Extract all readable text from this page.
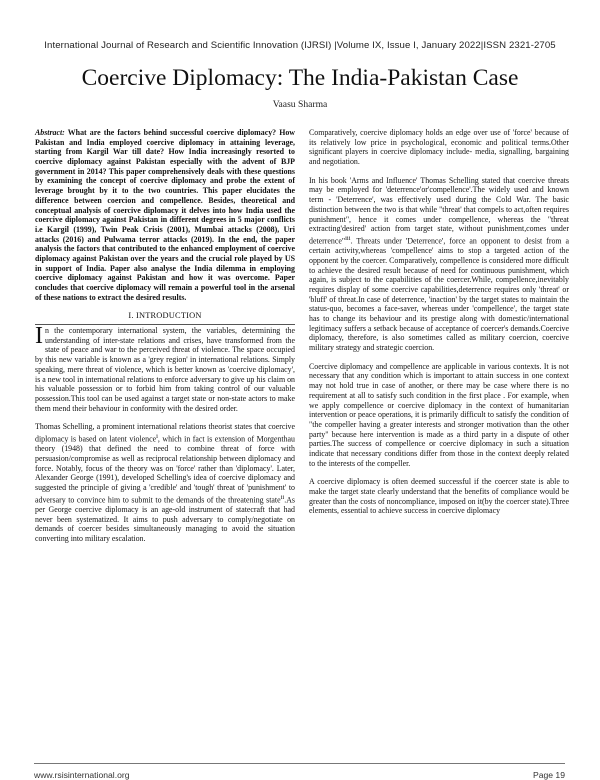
International Journal of Research and Scientific Innovation (IJRSI) |Volume IX, Issue I, January 2022|ISSN 2321-2705
Coercive Diplomacy: The India-Pakistan Case
Vaasu Sharma

Abstract: What are the factors behind successful coercive diplomacy? How Pakistan and India employed coercive diplomacy in attaining leverage, starting from Kargil War till date? How India increasingly resorted to coercive diplomacy against Pakistan especially with the advent of BJP government in 2014? This paper comprehensively deals with these questions by examining the concept of coercive diplomacy and probe the extent of leverage brought by it to the two countries. This paper elucidates the difference between coercion and compellence. Besides, theoretical and conceptual analysis of coercive diplomacy it delves into how India used the coercive diplomacy against Pakistan in different degrees in 5 major conflicts i.e Kargil (1999), Twin Peak Crisis (2001), Mumbai attacks (2008), Uri attacks (2016) and Pulwama terror attacks (2019). In the end, the paper analysis the factors that contributed to the enhanced employment of coercive diplomacy against Pakistan over the years and the crucial role played by US in support of India. Paper also analyse the India dilemma in employing coercive diplomacy against Pakistan and how it was overcome. Paper concludes that coercive diplomacy will remain a powerful tool in the arsenal of these nations to extract the desired results.

I. INTRODUCTION

In the contemporary international system, the variables, determining the understanding of inter-state relations and crises, have transformed from the state of peace and war to the perceived threat of violence. The space occupied by this new variable is known as a 'grey region' in international relations. Simply speaking, mere threat of violence, which is better known as 'coercive diplomacy', is a new tool in international relations to enforce adversary to give up his claim on his valuable possession or to forbid him from taking control of our valuable possession.This tool can be used against a target state or non-state actors to make them mend their behaviour in conformity with the desired order.

Thomas Schelling, a prominent international relations theorist states that coercive diplomacy is based on latent violence$^i$, which in fact is extension of Morgenthau theory (1948) that defined the need to combine threat of force with persuasion/compromise as well as reciprocal relationship between diplomacy and force. Notably, focus of the theory was on 'force' rather than 'diplomacy'. Later, Alexander George (1991), developed Schelling's idea of coercive diplomacy and suggested the principle of giving a 'credible' and 'tough' threat of 'punishment' to adversary to convince him to submit to the demands of the threatening state$^{ii}$.As per George coercive diplomacy is an age-old instrument of statecraft that had never been systematized. It aims to push adversary to comply/negotiate on demands of coercer besides simultaneously managing to avoid the situation converting into military escalation.

Comparatively, coercive diplomacy holds an edge over use of 'force' because of its relatively low price in psychological, economic and political terms.Other significant players in coercive diplomacy include- media, signalling, bargaining and negotiation.

In his book 'Arms and Influence' Thomas Schelling stated that coercive threats may be employed for 'deterrence'or'compellence'.The widely used and known term - 'Deterrence', was effectively used during the Cold War. The basic distinction between the two is that while "threat' that compels to act,often requires punishment", hence it comes under compellence, whereas the "threat extracting'desired' action from target state, without punishment,comes under deterrence"$^{iii}$. Threats under 'Deterrence', force an opponent to desist from a certain activity,whereas 'compellence' aims to stop a targeted action of the opponent by the coercer. Comparatively, compellence is considered more difficult to achieve the desired result because of need for continuous punishment, which again, is subject to the capabilities of the coercer.While, compellence,inevitably requires display of some coercive capabilities,deterrence requires only 'threat' or 'bluff' of threat.In case of deterrence, 'inaction' by the target states to maintain the status-quo, becomes a face-saver, whereas under 'compellence', the target state has to change its behaviour and its prestige along with domestic/international legitimacy suffers a setback because of acceptance of coercer's demands.Coercive diplomacy, therefore, is also sometimes called as military coercion, coercive military strategy and strategic coercion.

Coercive diplomacy and compellence are applicable in various contexts. It is not necessary that any condition which is important to attain success in one context may not hold true in case of another, or there may be case where there is no requirement at all to satisfy such condition in the first place . For example, when we apply compellence or coercive diplomacy in the context of humanitarian intervention or peace operations, it is primarily difficult to satisfy the condition of "the compeller having a greater interests and stronger motivation than the other party" because here intervention is made as a third party in a dispute of other parties.The success of compellence or coercive diplomacy in such a situation indicate that necessary conditions differ from those in the context deeply related to the interests of the compeller.

A coercive diplomacy is often deemed successful if the coercer state is able to make the target state clearly understand that the benefits of compliance would be greater than the costs of noncompliance, imposed on it(by the coercer state).Three elements, essential to achieve success in coercive diplomacy

www.rsisinternational.org	Page 19
